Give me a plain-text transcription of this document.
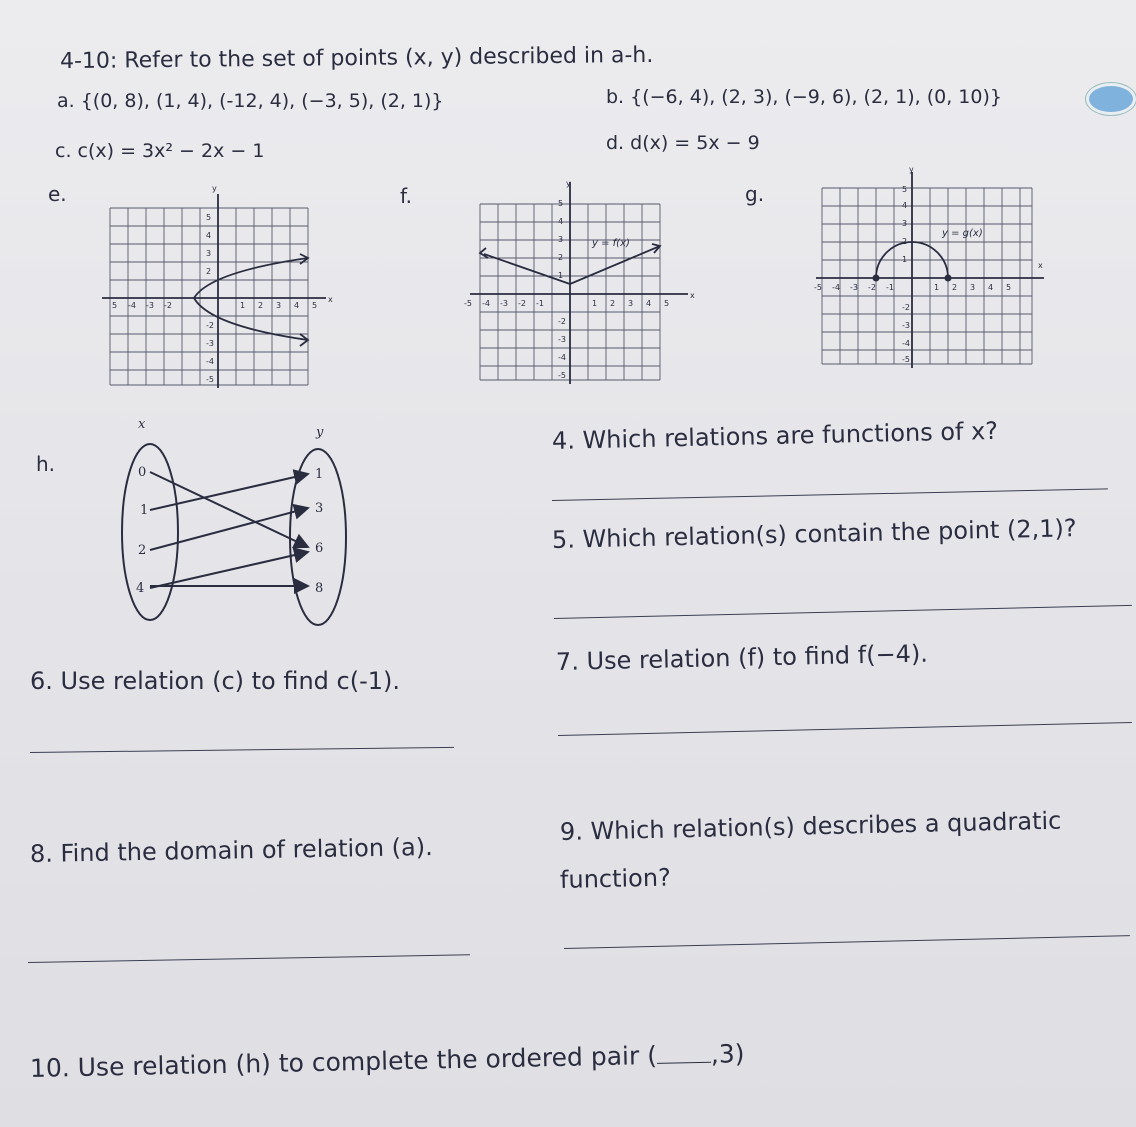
4-10: Refer to the set of points (x, y) described in a-h.
a. {(0, 8), (1, 4), (-12, 4), (−3, 5), (2, 1)}	b. {(−6, 4), (2, 3), (−9, 6), (2, 1), (0, 10)}
c. c(x) = 3x² − 2x − 1	d. d(x) = 5x − 9
e.	f.	g.
y
x
5
4
3
2
-2
-3
-4
-5
5 -4 -3 -2	1 2 3 4 5
y
x
5
4
3
2
1
-2
-3
-4
-5
-5 -4 -3 -2 -1	1 2 3 4 5
y = f(x)
y
x
5
4
3
2
1
-2
-3
-4
-5
-5 -4 -3 -2 -1	1 2 3 4 5
y = g(x)
h.
x
y
0
1
2
4
1
3
6
8
4. Which relations are functions of x?
5. Which relation(s) contain the point (2,1)?
6. Use relation (c) to find c(-1).
7. Use relation (f) to find f(−4).
8. Find the domain of relation (a).
9. Which relation(s) describes a quadratic
function?
10. Use relation (h) to complete the ordered pair ( ,3)
